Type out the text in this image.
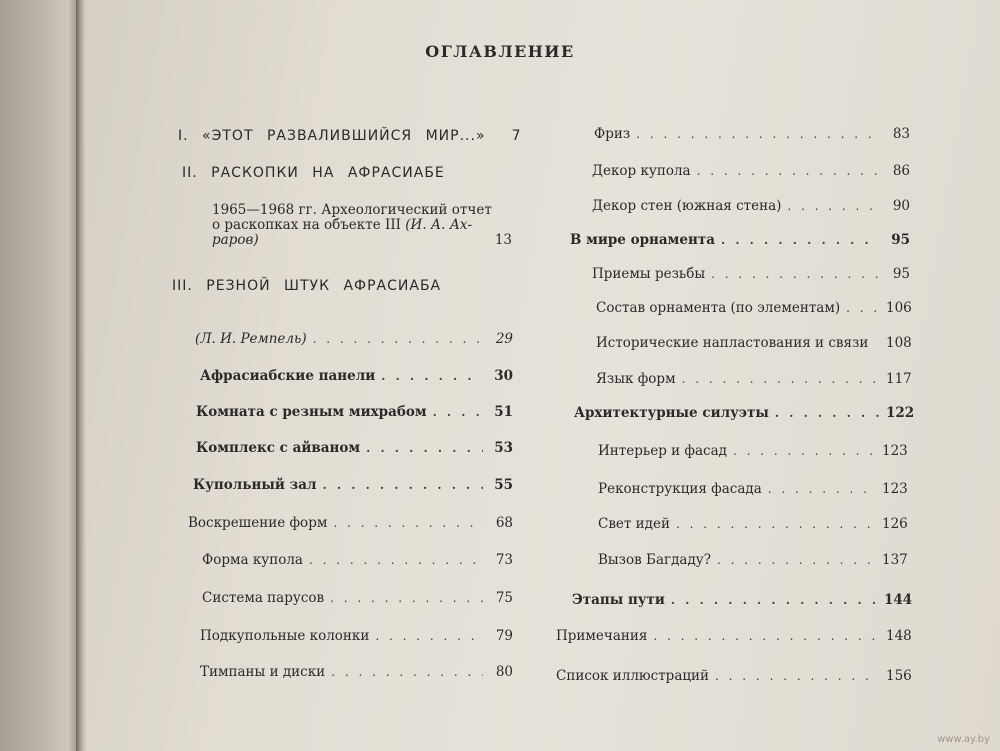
ОГЛАВЛЕНИЕ
I. «ЭТОТ РАЗВАЛИВШИЙСЯ МИР...»	7
II. РАСКОПКИ НА АФРАСИАБЕ
1965—1968 гг. Археологический отчет
о раскопках на объекте III (И. А. Ах-
раров)	13
III. РЕЗНОЙ ШТУК АФРАСИАБА
(Л. И. Ремпель) . . .	29
Афрасиабские панели . . .	30
Комната с резным михрабом . . .	51
Комплекс с айваном . . .	53
Купольный зал . . .	55
Воскрешение форм . . .	68
Форма купола . . .	73
Система парусов . . .	75
Подкупольные колонки . . .	79
Тимпаны и диски . . .	80
Фриз . . .	83
Декор купола . . .	86
Декор стен (южная стена) . . .	90
В мире орнамента . . .	95
Приемы резьбы . . .	95
Состав орнамента (по элементам) . . .	106
Исторические напластования и связи 108
Язык форм . . .	117
Архитектурные силуэты . . .	122
Интерьер и фасад . . .	123
Реконструкция фасада . . .	123
Свет идей . . .	126
Вызов Багдаду? . . .	137
Этапы пути . . .	144
Примечания . . .	148
Список иллюстраций . . .	156
www.ay.by
